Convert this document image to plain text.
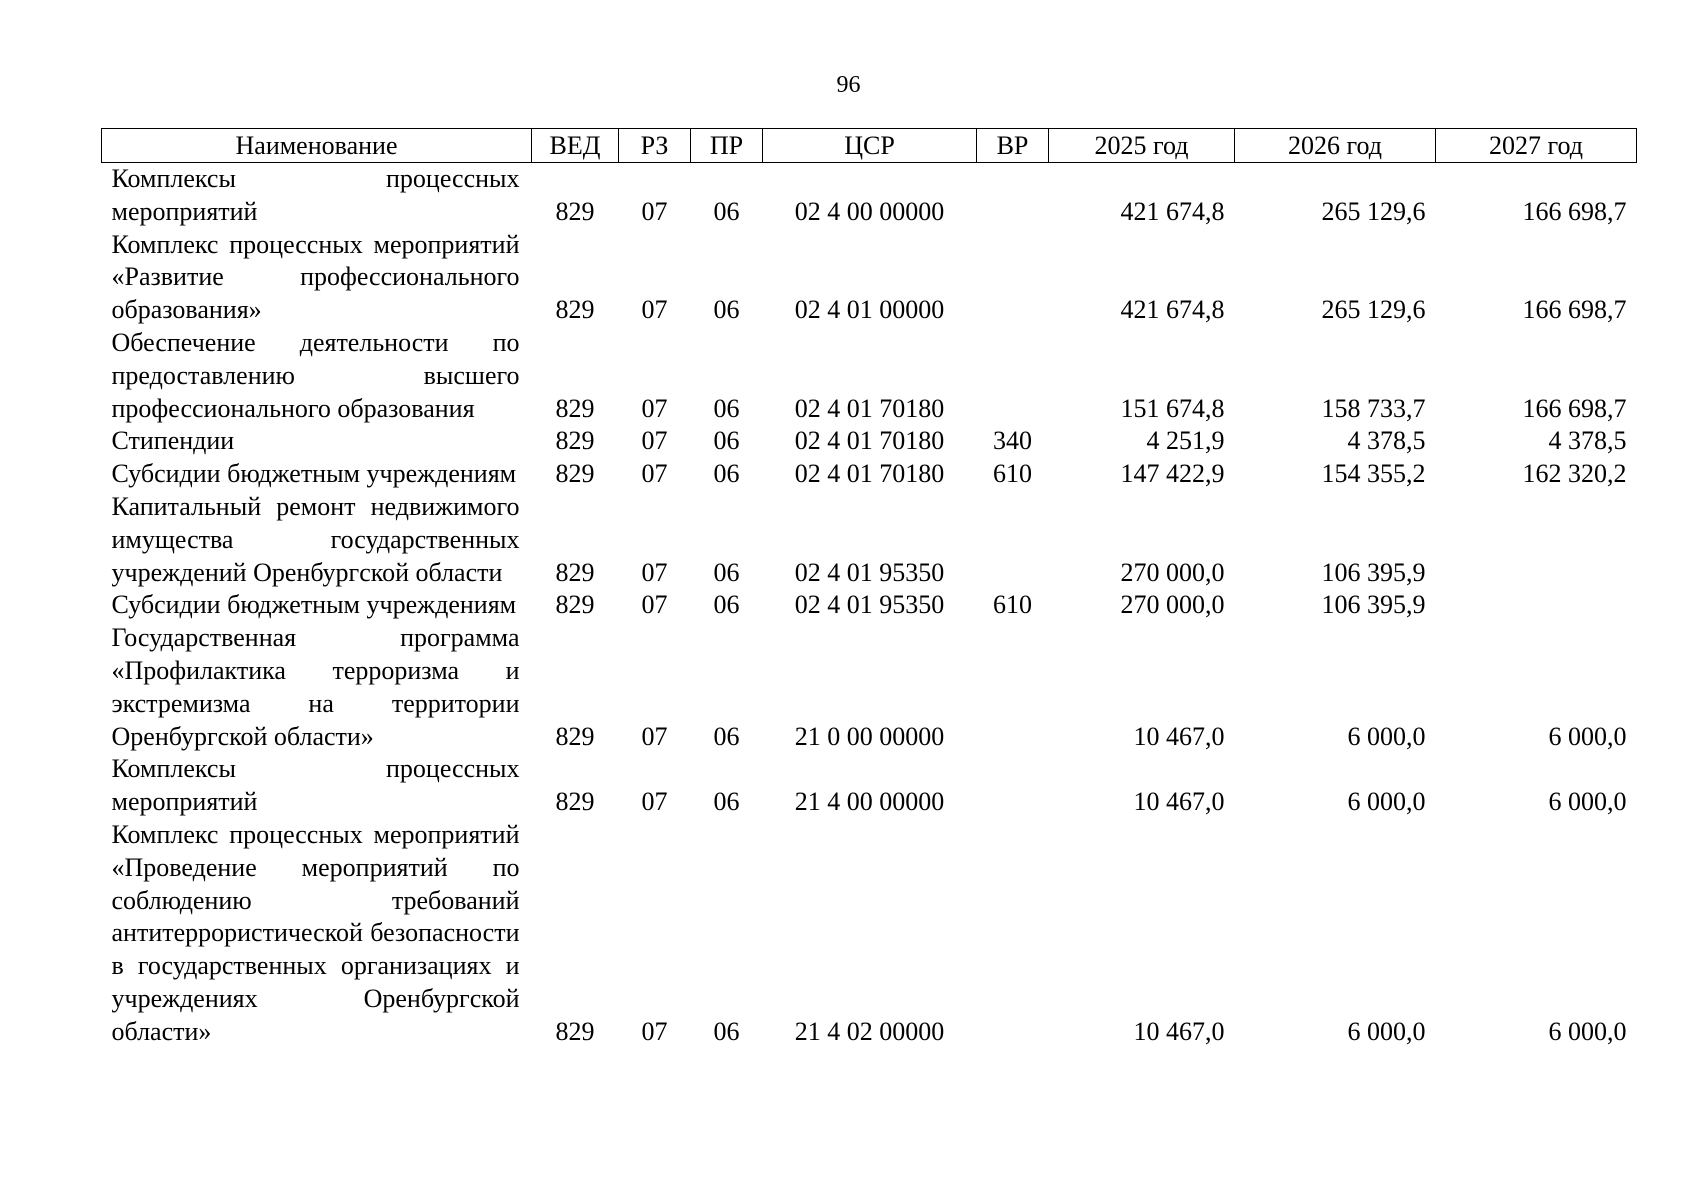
96
Наименование	ВЕД	РЗ	ПР	ЦСР	ВР	2025 год	2026 год	2027 год
Комплексы процессных мероприятий	829	07	06	02 4 00 00000		421 674,8	265 129,6	166 698,7
Комплекс процессных мероприятий «Развитие профессионального образования»	829	07	06	02 4 01 00000		421 674,8	265 129,6	166 698,7
Обеспечение деятельности по предоставлению высшего профессионального образования	829	07	06	02 4 01 70180		151 674,8	158 733,7	166 698,7
Стипендии	829	07	06	02 4 01 70180	340	4 251,9	4 378,5	4 378,5
Субсидии бюджетным учреждениям	829	07	06	02 4 01 70180	610	147 422,9	154 355,2	162 320,2
Капитальный ремонт недвижимого имущества государственных учреждений Оренбургской области	829	07	06	02 4 01 95350		270 000,0	106 395,9	
Субсидии бюджетным учреждениям	829	07	06	02 4 01 95350	610	270 000,0	106 395,9	
Государственная программа «Профилактика терроризма и экстремизма на территории Оренбургской области»	829	07	06	21 0 00 00000		10 467,0	6 000,0	6 000,0
Комплексы процессных мероприятий	829	07	06	21 4 00 00000		10 467,0	6 000,0	6 000,0
Комплекс процессных мероприятий «Проведение мероприятий по соблюдению требований антитеррористической безопасности в государственных организациях и учреждениях Оренбургской области»	829	07	06	21 4 02 00000		10 467,0	6 000,0	6 000,0
